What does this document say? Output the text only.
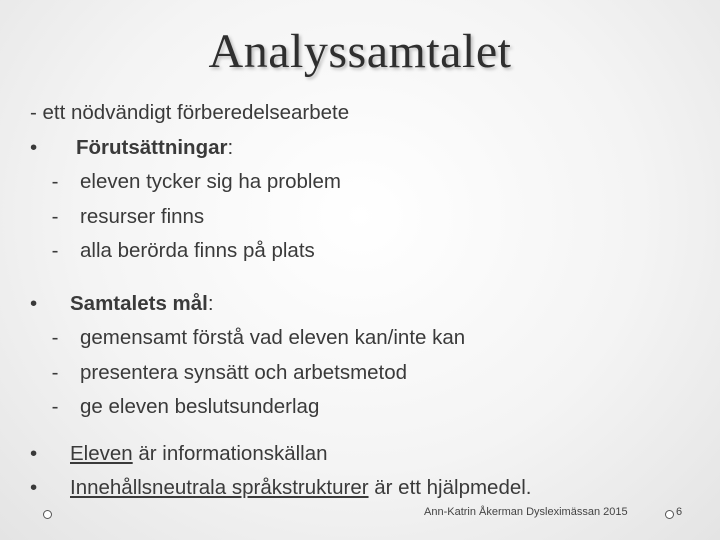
Analyssamtalet
- ett nödvändigt förberedelsearbete
• Förutsättningar:
- eleven tycker sig ha problem
- resurser finns
- alla berörda finns på plats
• Samtalets mål:
- gemensamt förstå vad eleven kan/inte kan
- presentera synsätt och arbetsmetod
- ge eleven beslutsunderlag
• Eleven är informationskällan
• Innehållsneutrala språkstrukturer är ett hjälpmedel.
Ann-Katrin Åkerman Dysleximässan 2015	6
